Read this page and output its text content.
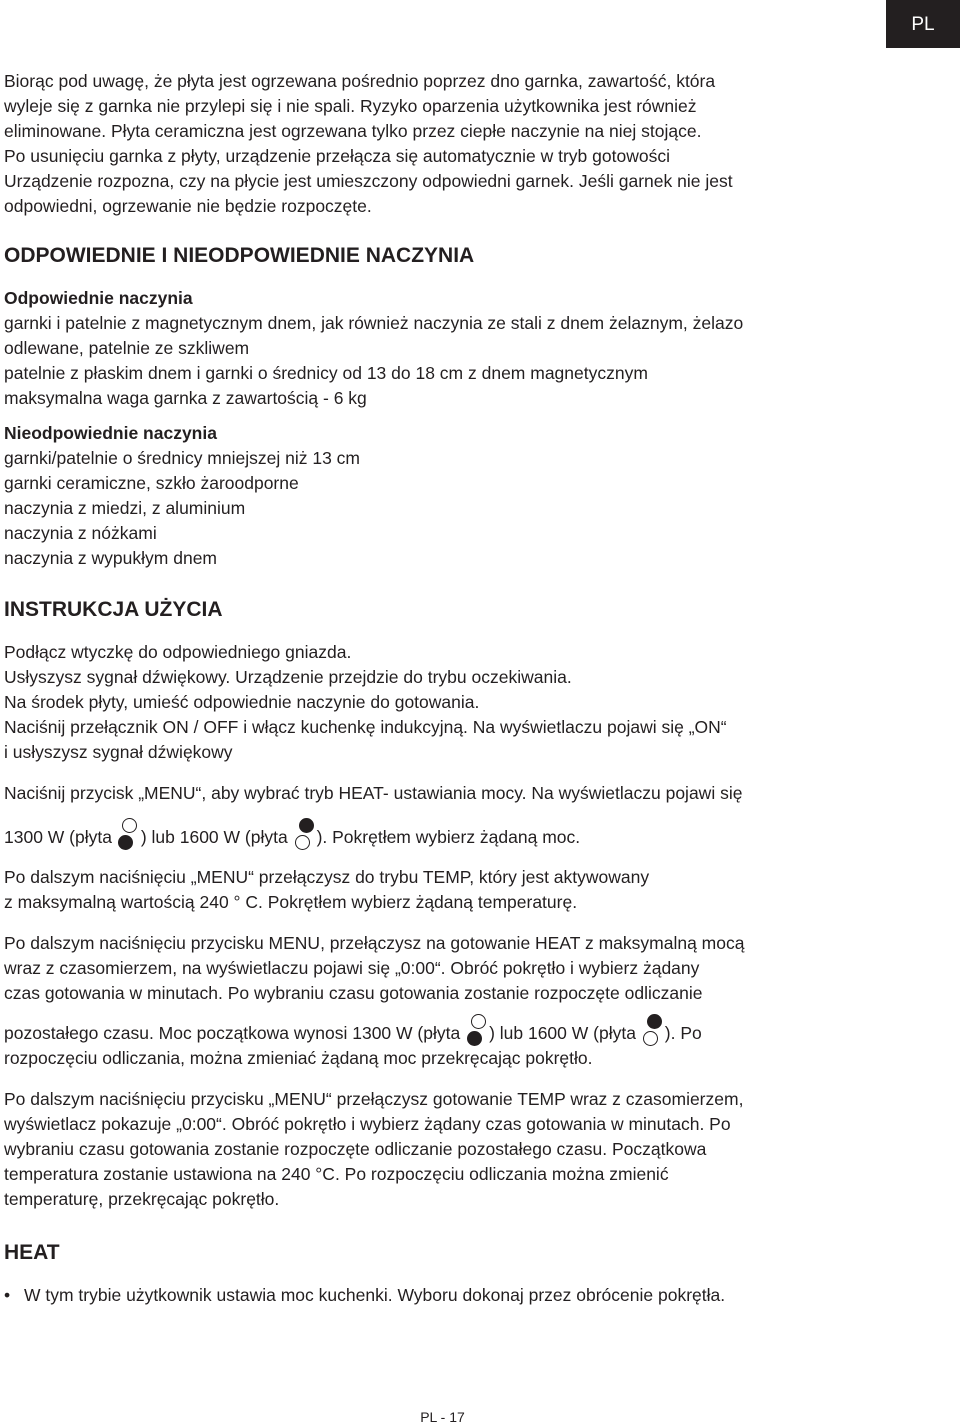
PL

Biorąc pod uwagę, że płyta jest ogrzewana pośrednio poprzez dno garnka, zawartość, która

wyleje się z garnka nie przylepi się i nie spali. Ryzyko oparzenia użytkownika jest również

eliminowane. Płyta ceramiczna jest ogrzewana tylko przez ciepłe naczynie na niej stojące.

Po usunięciu garnka z płyty, urządzenie przełącza się automatycznie w tryb gotowości

Urządzenie rozpozna, czy na płycie jest umieszczony odpowiedni garnek. Jeśli garnek nie jest

odpowiedni, ogrzewanie nie będzie rozpoczęte.

ODPOWIEDNIE I NIEODPOWIEDNIE NACZYNIA
Odpowiednie naczynia

garnki i patelnie z magnetycznym dnem, jak również naczynia ze stali z dnem żelaznym, żelazo

odlewane, patelnie ze szkliwem

patelnie z płaskim dnem i garnki o średnicy od 13 do 18 cm z dnem magnetycznym

maksymalna waga garnka z zawartością - 6 kg

Nieodpowiednie naczynia

garnki/patelnie o średnicy mniejszej niż 13 cm

garnki ceramiczne, szkło żaroodporne

naczynia z miedzi, z aluminium

naczynia z nóżkami

naczynia z wypukłym dnem

INSTRUKCJA UŻYCIA

Podłącz wtyczkę do odpowiedniego gniazda.

Usłyszysz sygnał dźwiękowy. Urządzenie przejdzie do trybu oczekiwania.

Na środek płyty, umieść odpowiednie naczynie do gotowania.

Naciśnij przełącznik ON / OFF i włącz kuchenkę indukcyjną. Na wyświetlaczu pojawi się „ON“

i usłyszysz sygnał dźwiękowy

Naciśnij przycisk „MENU“, aby wybrać tryb HEAT- ustawiania mocy. Na wyświetlaczu pojawi się

1300 W (płyta ) lub 1600 W (płyta ). Pokrętłem wybierz żądaną moc.

Po dalszym naciśnięciu „MENU“ przełączysz do trybu TEMP, który jest aktywowany

z maksymalną wartością 240 ° C. Pokrętłem wybierz żądaną temperaturę.

Po dalszym naciśnięciu przycisku MENU, przełączysz na gotowanie HEAT z maksymalną mocą

wraz z czasomierzem, na wyświetlaczu pojawi się „0:00“. Obróć pokrętło i wybierz żądany

czas gotowania w minutach. Po wybraniu czasu gotowania zostanie rozpoczęte odliczanie

pozostałego czasu. Moc początkowa wynosi 1300 W (płyta ) lub 1600 W (płyta ). Po

rozpoczęciu odliczania, można zmieniać żądaną moc przekręcając pokrętło.

Po dalszym naciśnięciu przycisku „MENU“ przełączysz gotowanie TEMP wraz z czasomierzem,

wyświetlacz pokazuje „0:00“. Obróć pokrętło i wybierz żądany czas gotowania w minutach. Po

wybraniu czasu gotowania zostanie rozpoczęte odliczanie pozostałego czasu. Początkowa

temperatura zostanie ustawiona na 240 °C. Po rozpoczęciu odliczania można zmienić

temperaturę, przekręcając pokrętło.

HEAT
• W tym trybie użytkownik ustawia moc kuchenki. Wyboru dokonaj przez obrócenie pokrętła.
PL - 17
